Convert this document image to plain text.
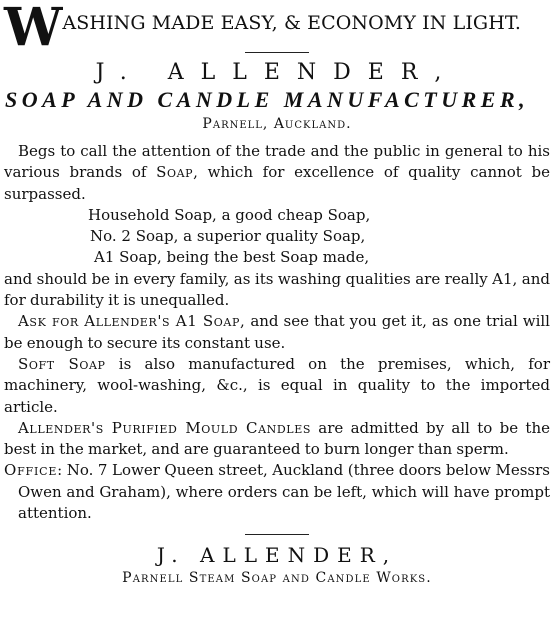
W ASHING MADE EASY, & ECONOMY IN LIGHT.
J. ALLENDER,
SOAP AND CANDLE MANUFACTURER,
Parnell, Auckland.

Begs to call the attention of the trade and the public in general to his various brands of Soap, which for excellence of quality cannot be surpassed.

Household Soap, a good cheap Soap,
No. 2 Soap, a superior quality Soap,
A1 Soap, being the best Soap made,

and should be in every family, as its washing qualities are really A1, and for durability it is unequalled.

Ask for Allender's A1 Soap, and see that you get it, as one trial will be enough to secure its constant use.

Soft Soap is also manufactured on the premises, which, for machinery, wool-washing, &c., is equal in quality to the imported article.

Allender's Purified Mould Candles are admitted by all to be the best in the market, and are guaranteed to burn longer than sperm.

Office: No. 7 Lower Queen street, Auckland (three doors below Messrs Owen and Graham), where orders can be left, which will have prompt attention.

J. ALLENDER,
Parnell Steam Soap and Candle Works.
